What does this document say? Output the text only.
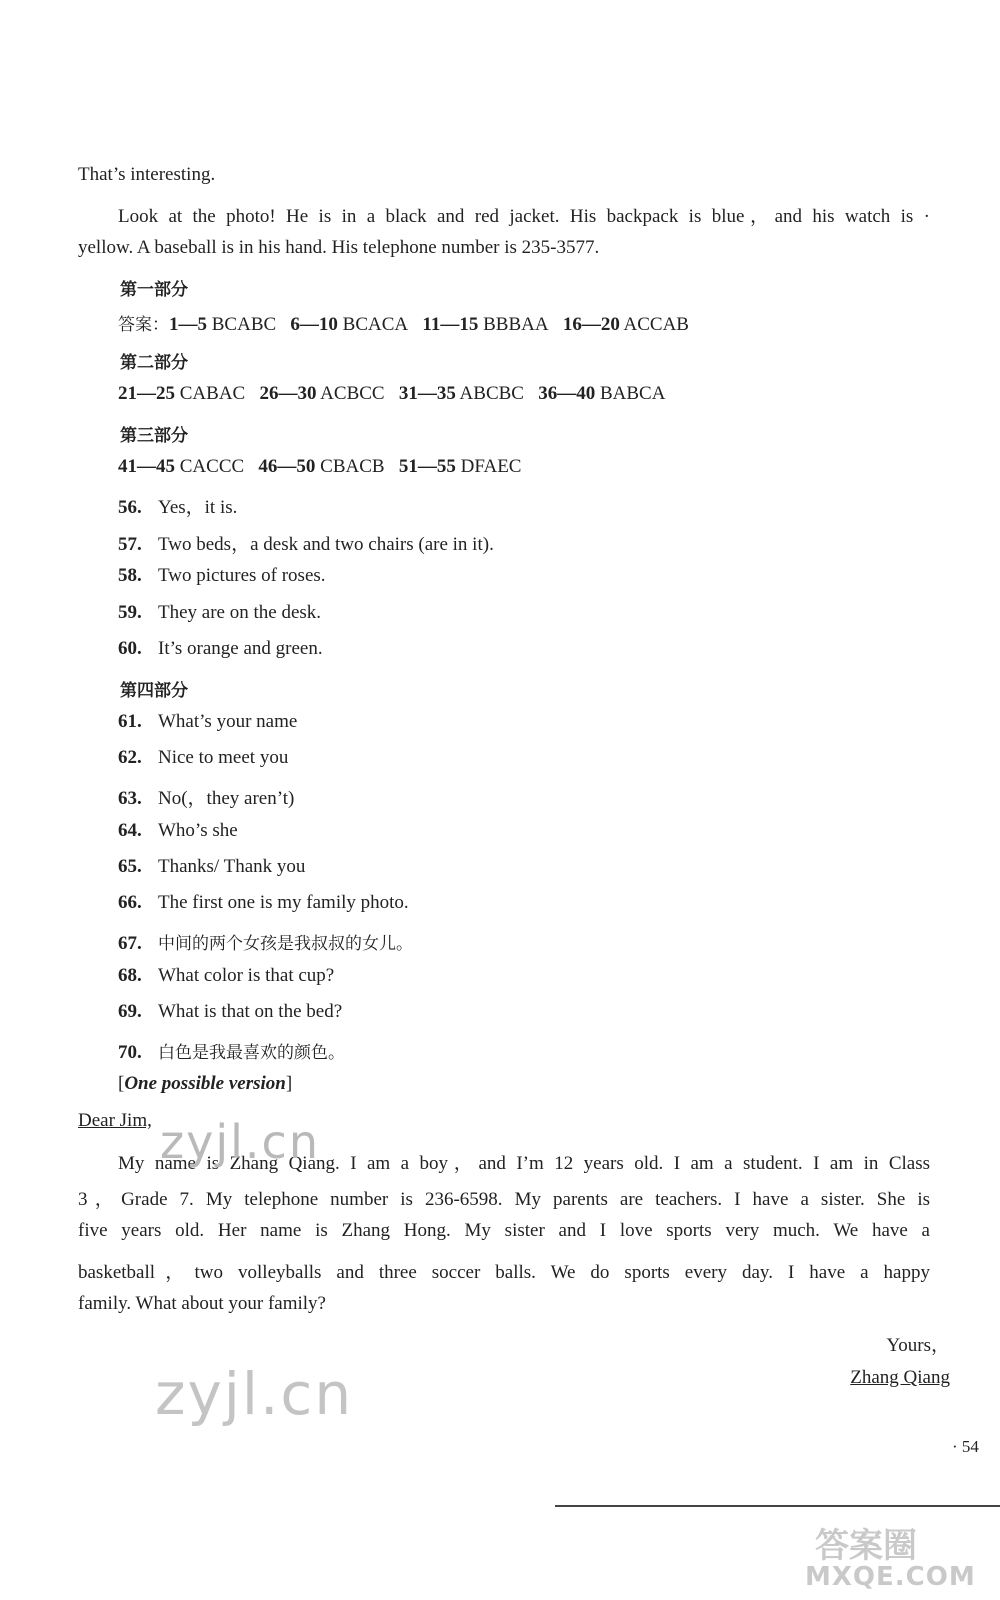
That’s interesting.
Look at the photo! He is in a black and red jacket. His backpack is blue，and his watch is ·
yellow. A baseball is in his hand. His telephone number is 235-3577.
第一部分
答案：1—5 BCABC 6—10 BCACA 11—15 BBBAA 16—20 ACCAB
第二部分
21—25 CABAC 26—30 ACBCC 31—35 ABCBC 36—40 BABCA
第三部分
41—45 CACCC 46—50 CBACB 51—55 DFAEC
56. Yes，it is.
57. Two beds，a desk and two chairs (are in it).
58. Two pictures of roses.
59. They are on the desk.
60. It’s orange and green.
第四部分
61. What’s your name
62. Nice to meet you
63. No(，they aren’t)
64. Who’s she
65. Thanks/ Thank you
66. The first one is my family photo.
67. 中间的两个女孩是我叔叔的女儿。
68. What color is that cup?
69. What is that on the bed?
70. 白色是我最喜欢的颜色。
[One possible version]
Dear Jim,
My name is Zhang Qiang. I am a boy，and I’m 12 years old. I am a student. I am in Class
3，Grade 7. My telephone number is 236-6598. My parents are teachers. I have a sister. She is
five years old. Her name is Zhang Hong. My sister and I love sports very much. We have a
basketball，two volleyballs and three soccer balls. We do sports every day. I have a happy
family. What about your family?
Yours，
Zhang Qiang
· 54
zyjl.cn
zyjl.cn
答案圈
MXQE.COM
